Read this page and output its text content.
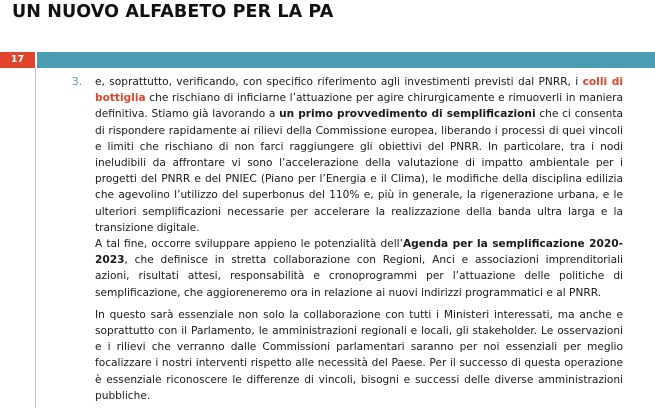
UN NUOVO ALFABETO PER LA PA
17

3. e, soprattutto, verificando, con specifico riferimento agli investimenti previsti dal PNRR, i colli di bottiglia che rischiano di inficiarne l’attuazione per agire chirurgicamente e rimuoverli in maniera definitiva. Stiamo già lavorando a un primo provvedimento di semplificazioni che ci consenta di rispondere rapidamente ai rilievi della Commissione europea, liberando i processi di quei vincoli e limiti che rischiano di non farci raggiungere gli obiettivi del PNRR. In particolare, tra i nodi ineludibili da affrontare vi sono l’accelerazione della valutazione di impatto ambientale per i progetti del PNRR e del PNIEC (Piano per l’Energia e il Clima), le modifiche della disciplina edilizia che agevolino l’utilizzo del superbonus del 110% e, più in generale, la rigenerazione urbana, e le ulteriori semplificazioni necessarie per accelerare la realizzazione della banda ultra larga e la transizione digitale.

A tal fine, occorre sviluppare appieno le potenzialità dell’Agenda per la semplificazione 2020-2023, che definisce in stretta collaborazione con Regioni, Anci e associazioni imprenditoriali azioni, risultati attesi, responsabilità e cronoprogrammi per l’attuazione delle politiche di semplificazione, che aggioreneremo ora in relazione ai nuovi indirizzi programmatici e al PNRR.

In questo sarà essenziale non solo la collaborazione con tutti i Ministeri interessati, ma anche e soprattutto con il Parlamento, le amministrazioni regionali e locali, gli stakeholder. Le osservazioni e i rilievi che verranno dalle Commissioni parlamentari saranno per noi essenziali per meglio focalizzare i nostri interventi rispetto alle necessità del Paese. Per il successo di questa operazione è essenziale riconoscere le differenze di vincoli, bisogni e successi delle diverse amministrazioni pubbliche.
